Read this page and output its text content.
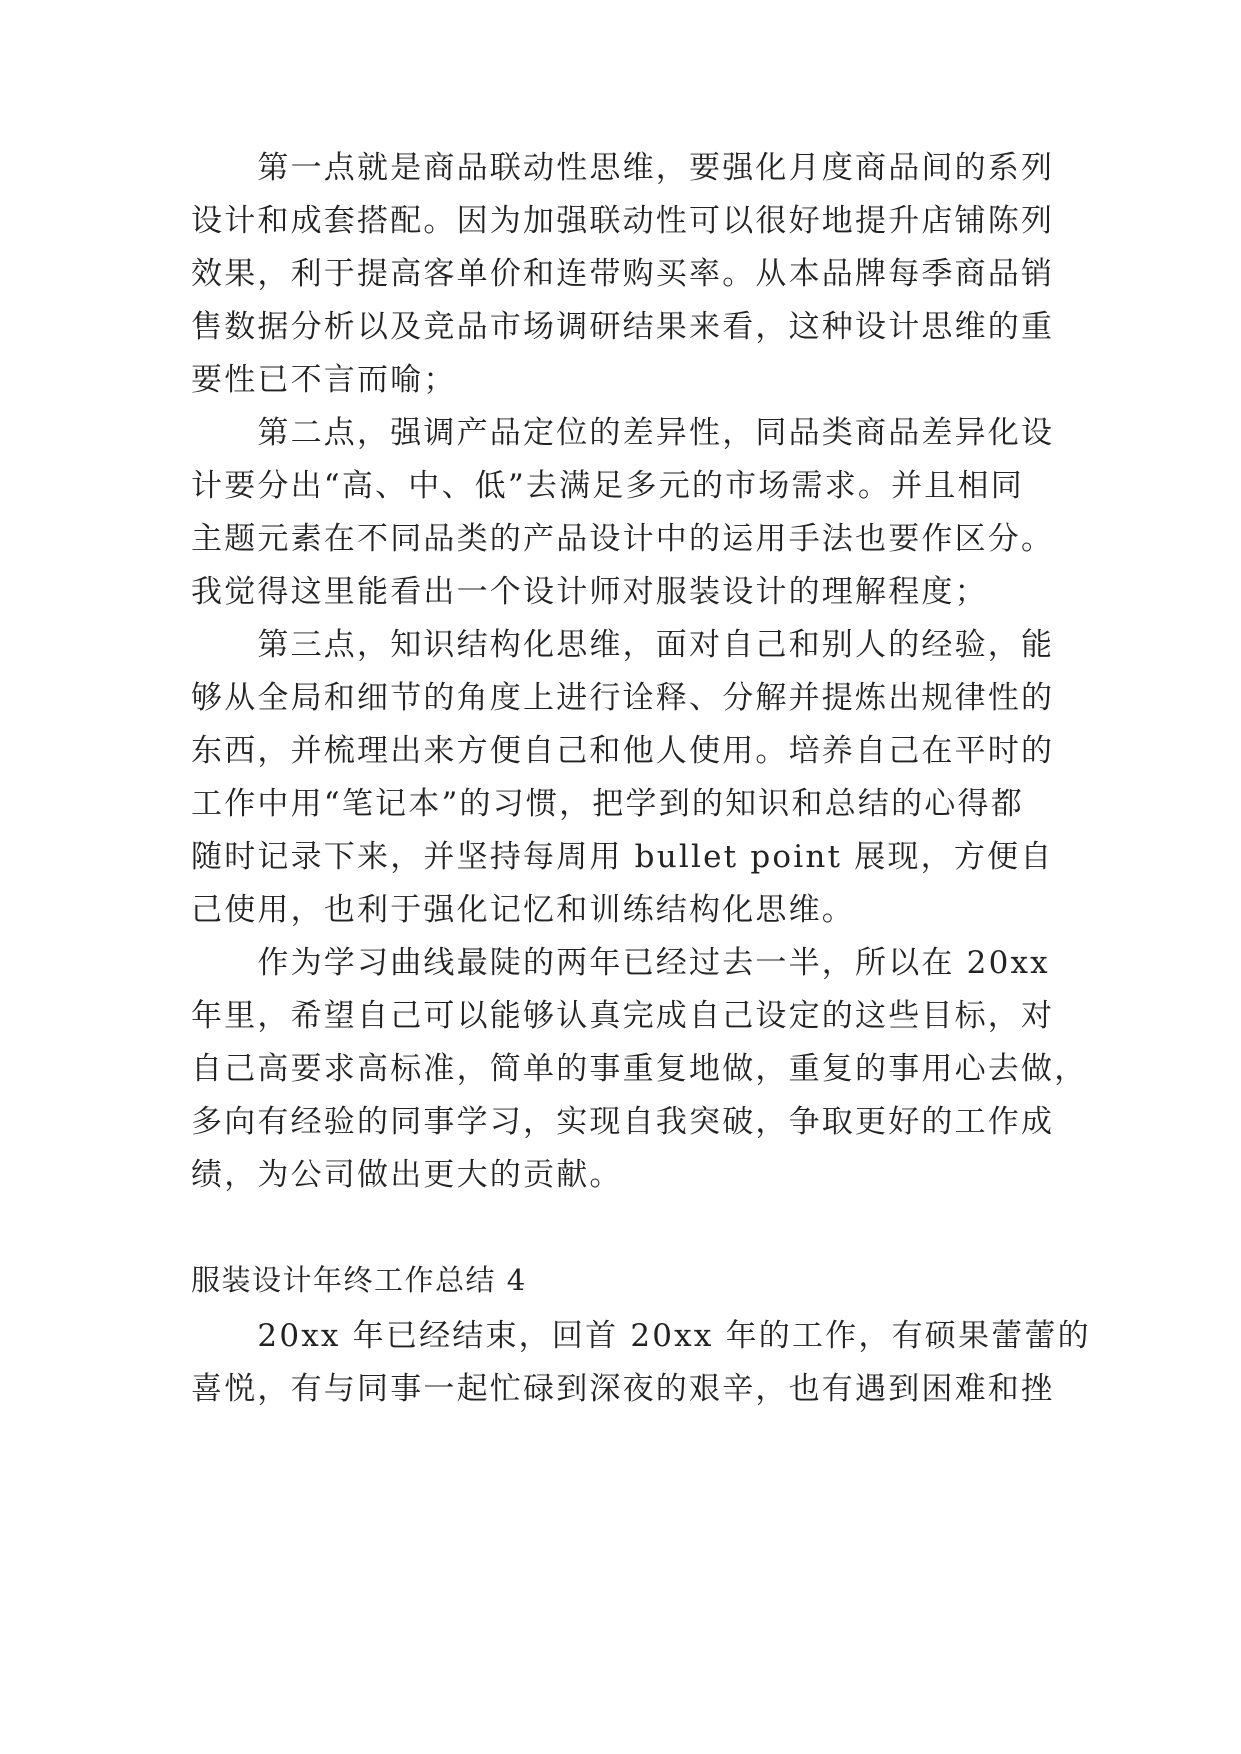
　　第一点就是商品联动性思维，要强化月度商品间的系列
设计和成套搭配。因为加强联动性可以很好地提升店铺陈列
效果，利于提高客单价和连带购买率。从本品牌每季商品销
售数据分析以及竞品市场调研结果来看，这种设计思维的重
要性已不言而喻；
　　第二点，强调产品定位的差异性，同品类商品差异化设
计要分出“高、中、低”去满足多元的市场需求。并且相同
主题元素在不同品类的产品设计中的运用手法也要作区分。
我觉得这里能看出一个设计师对服装设计的理解程度；
　　第三点，知识结构化思维，面对自己和别人的经验，能
够从全局和细节的角度上进行诠释、分解并提炼出规律性的
东西，并梳理出来方便自己和他人使用。培养自己在平时的
工作中用“笔记本”的习惯，把学到的知识和总结的心得都
随时记录下来，并坚持每周用 bullet point 展现，方便自
己使用，也利于强化记忆和训练结构化思维。
　　作为学习曲线最陡的两年已经过去一半，所以在 20xx
年里，希望自己可以能够认真完成自己设定的这些目标，对
自己高要求高标准，简单的事重复地做，重复的事用心去做，
多向有经验的同事学习，实现自我突破，争取更好的工作成
绩，为公司做出更大的贡献。
服装设计年终工作总结 4
　　20xx 年已经结束，回首 20xx 年的工作，有硕果蕾蕾的
喜悦，有与同事一起忙碌到深夜的艰辛，也有遇到困难和挫
